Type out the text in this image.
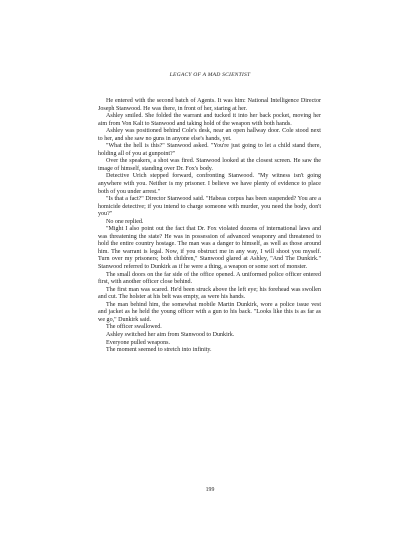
LEGACY OF A MAD SCIENTIST

He entered with the second batch of Agents. It was him: National Intelligence Director Joseph Stanwood. He was there, in front of her, staring at her.

Ashley smiled. She folded the warrant and tucked it into her back pocket, moving her aim from Von Kalt to Stanwood and taking hold of the weapon with both hands.

Ashley was positioned behind Cole's desk, near an open hallway door. Cole stood next to her, and she saw no guns in anyone else's hands, yet.

"What the hell is this?" Stanwood asked. "You're just going to let a child stand there, holding all of you at gunpoint?"

Over the speakers, a shot was fired. Stanwood looked at the closest screen. He saw the image of himself, standing over Dr. Fox's body.

Detective Urich stepped forward, confronting Stanwood. "My witness isn't going anywhere with you. Neither is my prisoner. I believe we have plenty of evidence to place both of you under arrest."

"Is that a fact?" Director Stanwood said. "Habeas corpus has been suspended? You are a homicide detective; if you intend to charge someone with murder, you need the body, don't you?"

No one replied.

"Might I also point out the fact that Dr. Fox violated dozens of international laws and was threatening the state? He was in possession of advanced weaponry and threatened to hold the entire country hostage. The man was a danger to himself, as well as those around him. The warrant is legal. Now, if you obstruct me in any way, I will shoot you myself. Turn over my prisoners; both children," Stanwood glared at Ashley, "And The Dunkirk." Stanwood referred to Dunkirk as if he were a thing, a weapon or some sort of monster.

The small doors on the far side of the office opened. A uniformed police officer entered first, with another officer close behind.

The first man was scared. He'd been struck above the left eye; his forehead was swollen and cut. The holster at his belt was empty, as were his hands.

The man behind him, the somewhat mobile Martin Dunkirk, wore a police issue vest and jacket as he held the young officer with a gun to his back. "Looks like this is as far as we go," Dunkirk said.

The officer swallowed.

Ashley switched her aim from Stanwood to Dunkirk.

Everyone pulled weapons.

The moment seemed to stretch into infinity.

199
